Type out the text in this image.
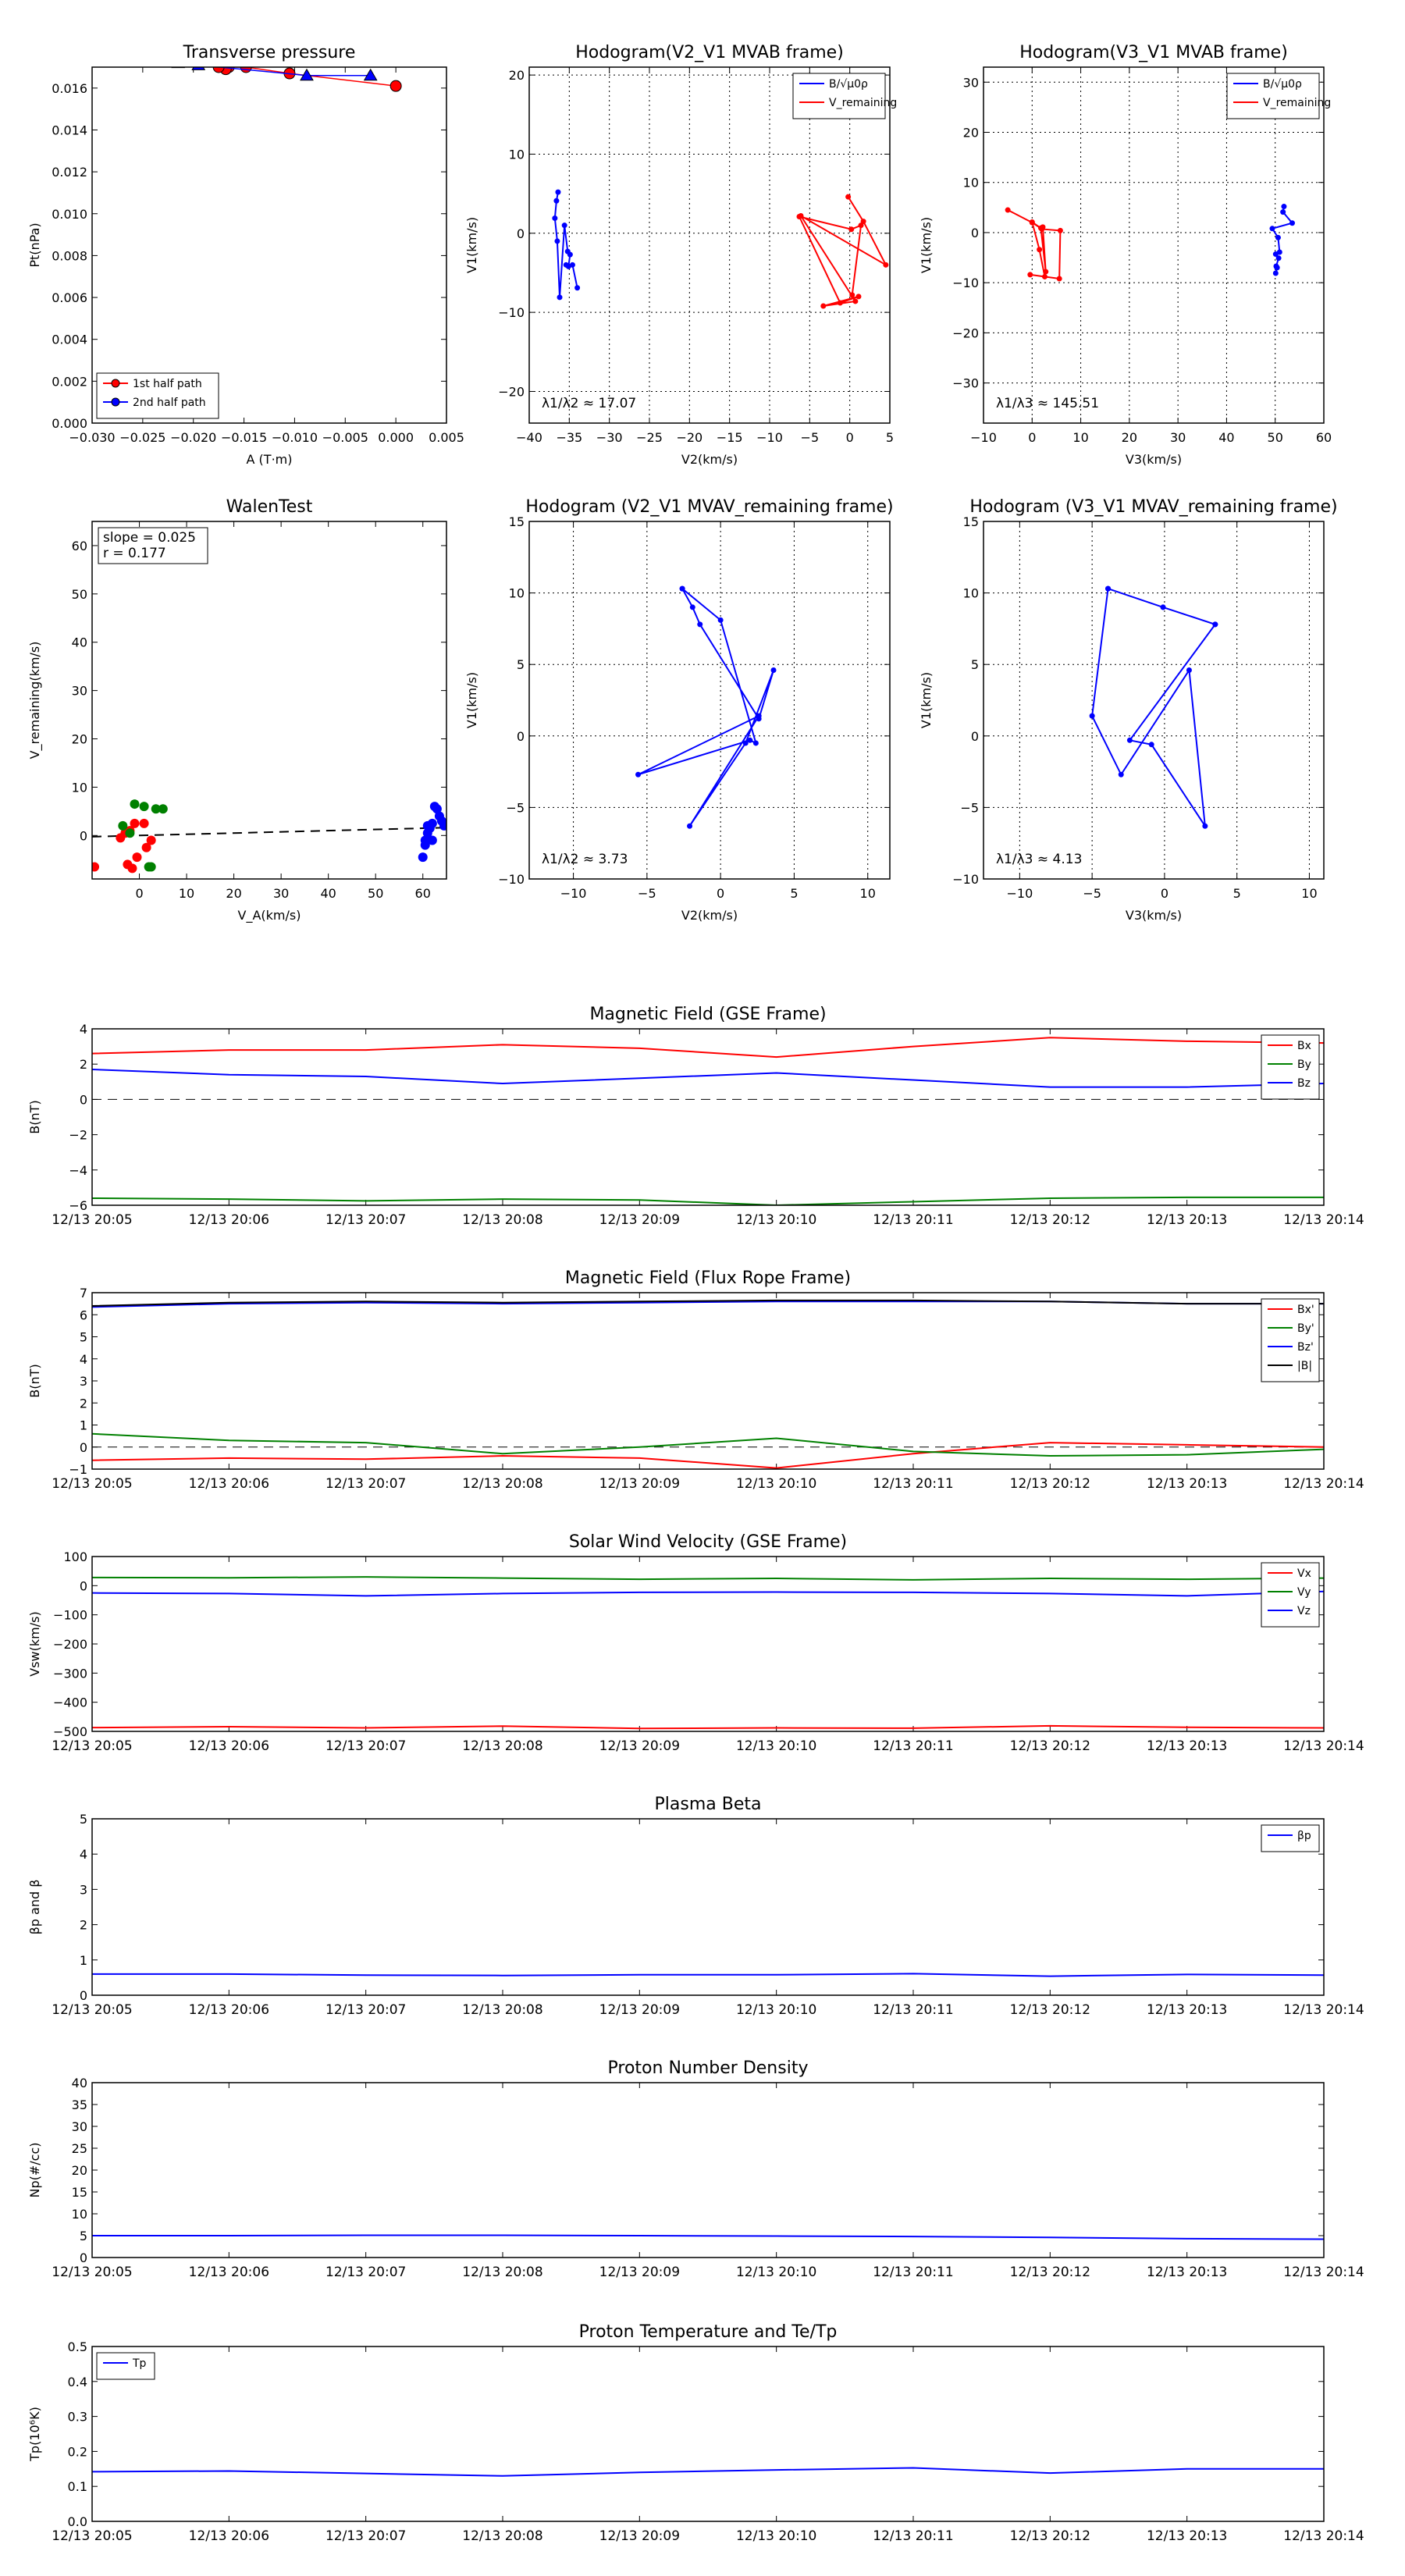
Transverse pressure
−0.030 −0.025 −0.020 −0.015 −0.010 −0.005 0.000 0.005
0.000
0.002
0.004
0.006
0.008
0.010
0.012
0.014
0.016
A (T·m)
Pt(nPa)
1st half path
2nd half path
Hodogram(V2_V1 MVAB frame)
−40 −35 −30 −25 −20 −15 −10 −5 0	5
−20
−10
0
10
20
V2(km/s)
V1(km/s)
λ1/λ2 ≈ 17.07
B/√μ0ρ
V_remaining
Hodogram(V3_V1 MVAB frame)
−10	0	10	20	30	40	50	60
−30
−20
−10
0
10
20
30
V3(km/s)
V1(km/s)
λ1/λ3 ≈ 145.51
B/√μ0ρ
V_remaining
WalenTest
0	10	20	30	40	50	60
0
10
20
30
40
50
60
V_A(km/s)
V_remaining(km/s)
slope = 0.025
r = 0.177
Hodogram (V2_V1 MVAV_remaining frame)
−10	−5	0	5	10
−10
−5
0
5
10
15
V2(km/s)
V1(km/s)
λ1/λ2 ≈ 3.73
Hodogram (V3_V1 MVAV_remaining frame)
−10	−5	0	5	10
−10
−5
0
5
10
15
V3(km/s)
V1(km/s)
λ1/λ3 ≈ 4.13
Magnetic Field (GSE Frame)
12/13 20:05	12/13 20:06	12/13 20:07	12/13 20:08	12/13 20:09	12/13 20:10	12/13 20:11	12/13 20:12	12/13 20:13	12/13 20:14
−6
−4
−2
0
2
4
B(nT)
Bx
By
Bz
Magnetic Field (Flux Rope Frame)
12/13 20:05	12/13 20:06	12/13 20:07	12/13 20:08	12/13 20:09	12/13 20:10	12/13 20:11	12/13 20:12	12/13 20:13	12/13 20:14
−1
0
1
2
3
4
5
6
7
B(nT)
Bx'
By'
Bz'
|B|
Solar Wind Velocity (GSE Frame)
12/13 20:05	12/13 20:06	12/13 20:07	12/13 20:08	12/13 20:09	12/13 20:10	12/13 20:11	12/13 20:12	12/13 20:13	12/13 20:14
−500
−400
−300
−200
−100
0
100
Vsw(km/s)
Vx
Vy
Vz
Plasma Beta
12/13 20:05	12/13 20:06	12/13 20:07	12/13 20:08	12/13 20:09	12/13 20:10	12/13 20:11	12/13 20:12	12/13 20:13	12/13 20:14
0
1
2
3
4
5
βp and β
βp
Proton Number Density
12/13 20:05	12/13 20:06	12/13 20:07	12/13 20:08	12/13 20:09	12/13 20:10	12/13 20:11	12/13 20:12	12/13 20:13	12/13 20:14
0
5
10
15
20
25
30
35
40
Np(#/cc)
Proton Temperature and Te/Tp
12/13 20:05	12/13 20:06	12/13 20:07	12/13 20:08	12/13 20:09	12/13 20:10	12/13 20:11	12/13 20:12	12/13 20:13	12/13 20:14
0.0
0.1
0.2
0.3
0.4
0.5
Tp(10⁶K)
Tp
